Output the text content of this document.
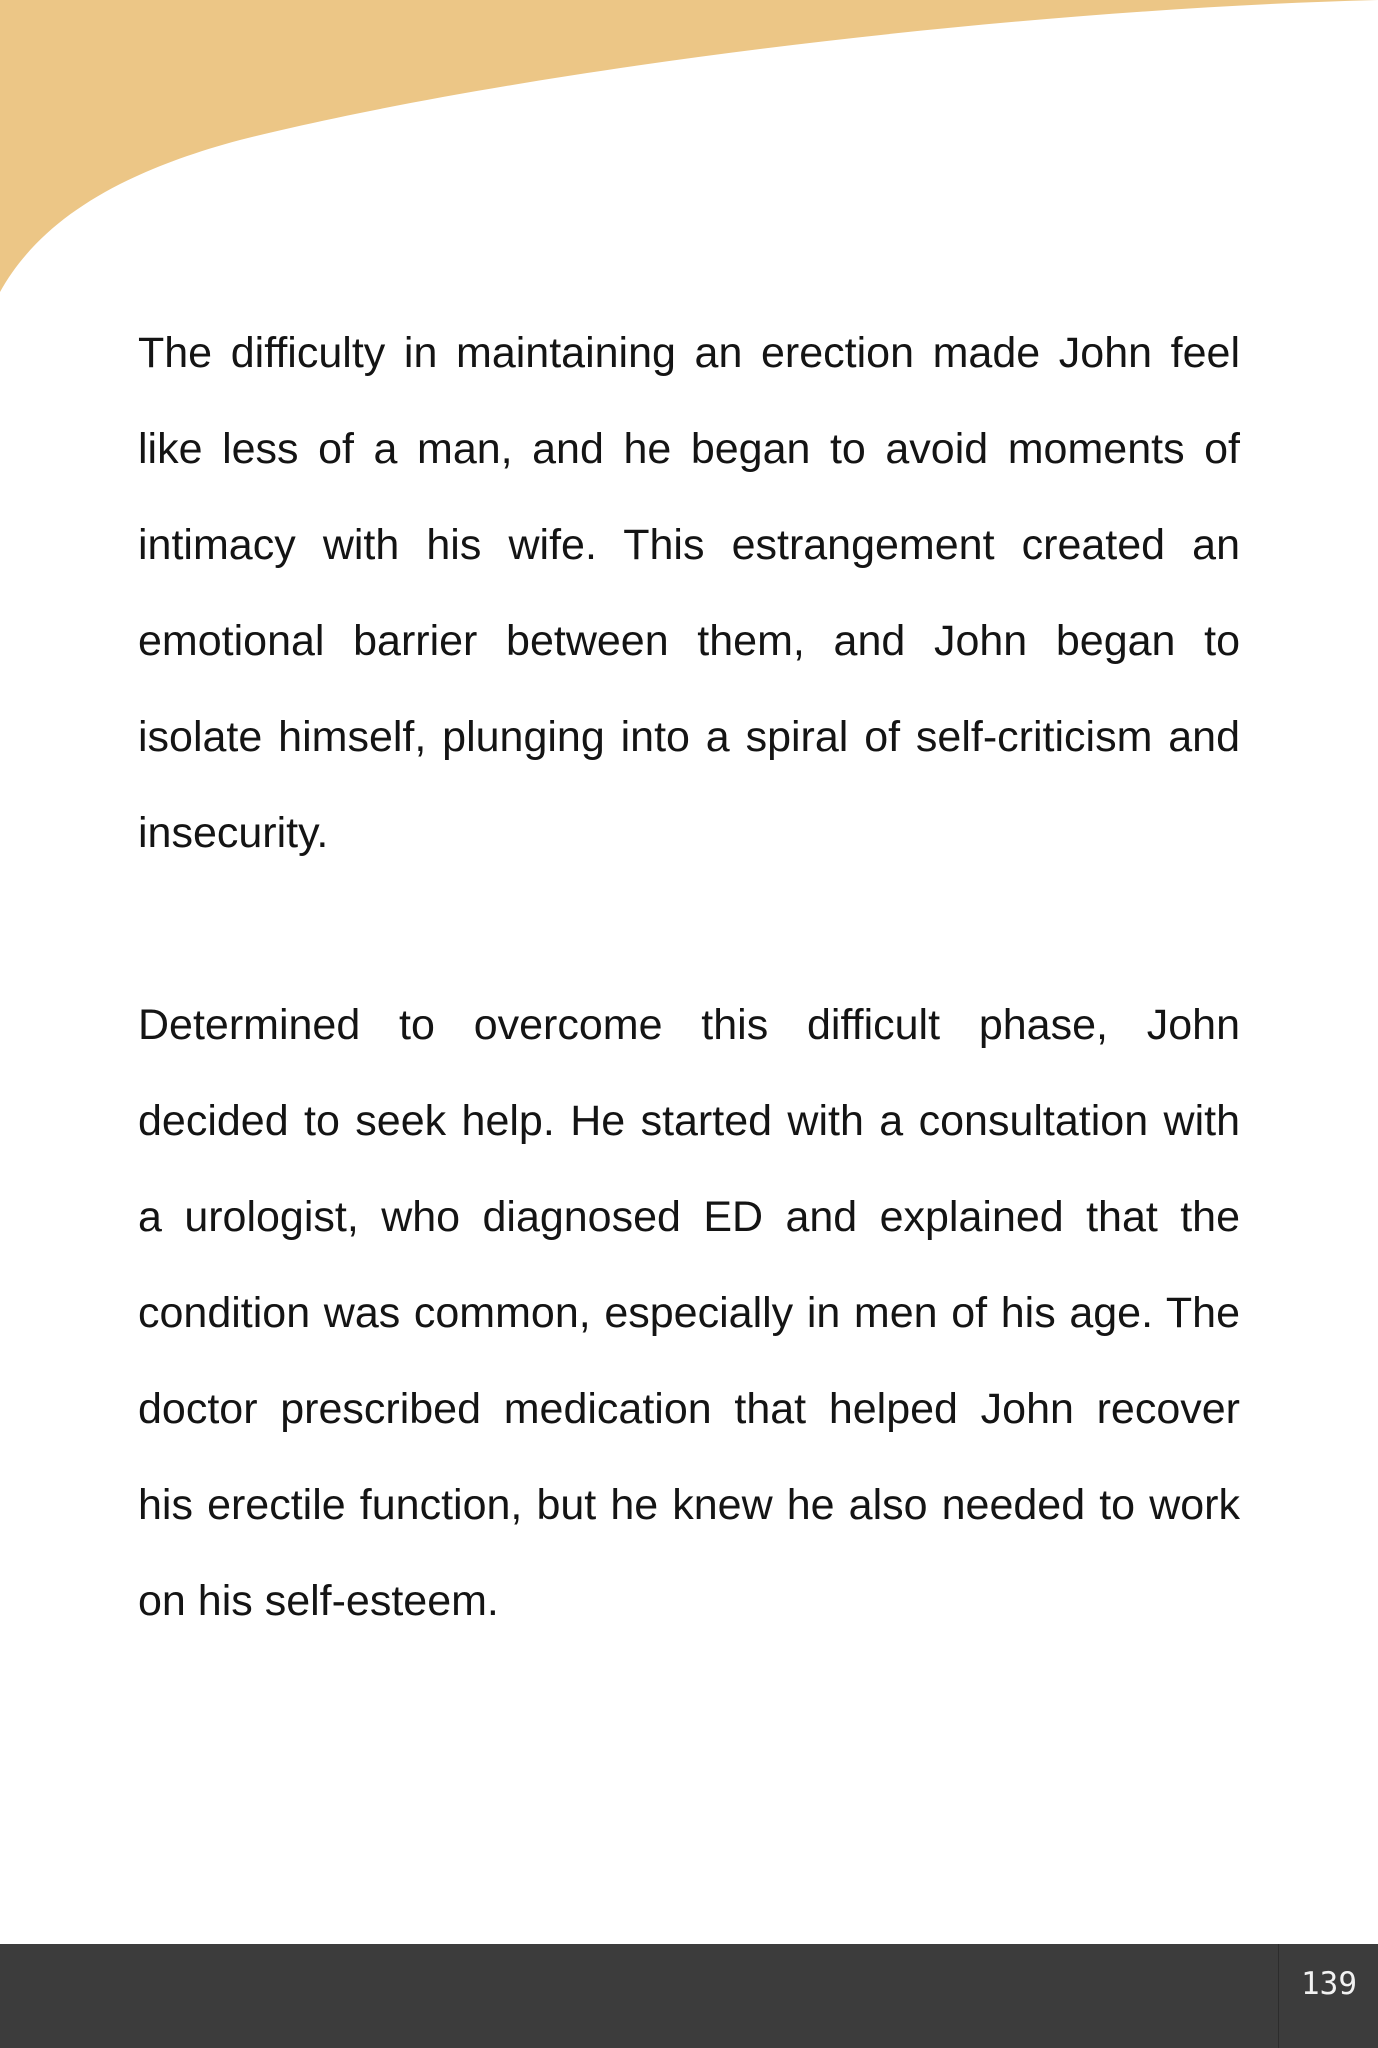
The difficulty in maintaining an erection made John feel like less of a man, and he began to avoid moments of intimacy with his wife. This estrangement created an emotional barrier between them, and John began to isolate himself, plunging into a spiral of self-criticism and insecurity.

Determined to overcome this difficult phase, John decided to seek help. He started with a consultation with a urologist, who diagnosed ED and explained that the condition was common, especially in men of his age. The doctor prescribed medication that helped John recover his erectile function, but he knew he also needed to work on his self-esteem.

139
